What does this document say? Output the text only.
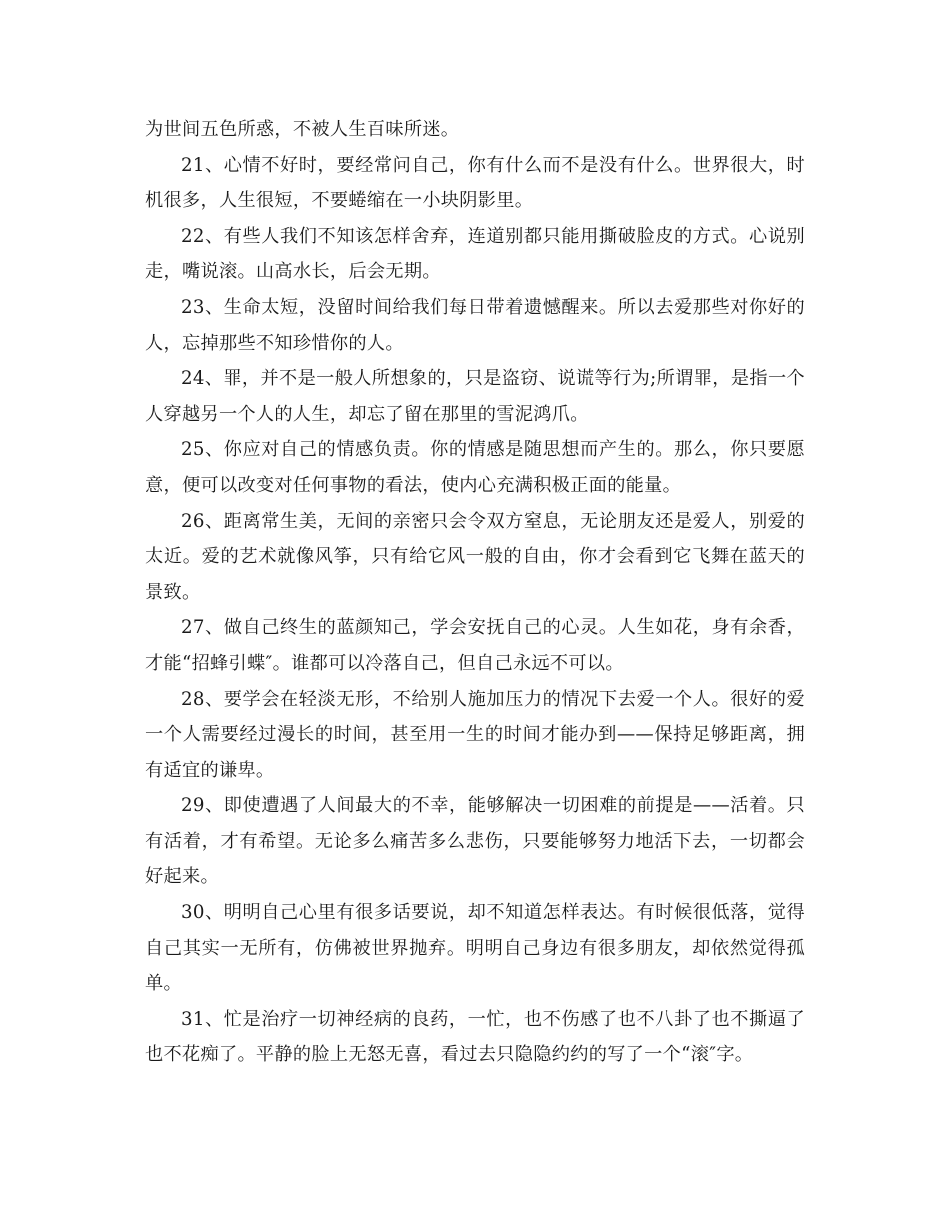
为世间五色所惑，不被人生百味所迷。

21、心情不好时，要经常问自己，你有什么而不是没有什么。世界很大，时机很多，人生很短，不要蜷缩在一小块阴影里。

22、有些人我们不知该怎样舍弃，连道别都只能用撕破脸皮的方式。心说别走，嘴说滚。山高水长，后会无期。

23、生命太短，没留时间给我们每日带着遗憾醒来。所以去爱那些对你好的人，忘掉那些不知珍惜你的人。

24、罪，并不是一般人所想象的，只是盗窃、说谎等行为;所谓罪，是指一个人穿越另一个人的人生，却忘了留在那里的雪泥鸿爪。

25、你应对自己的情感负责。你的情感是随思想而产生的。那么，你只要愿意，便可以改变对任何事物的看法，使内心充满积极正面的能量。

26、距离常生美，无间的亲密只会令双方窒息，无论朋友还是爱人，别爱的太近。爱的艺术就像风筝，只有给它风一般的自由，你才会看到它飞舞在蓝天的景致。

27、做自己终生的蓝颜知己，学会安抚自己的心灵。人生如花，身有余香，才能“招蜂引蝶″。谁都可以冷落自己，但自己永远不可以。

28、要学会在轻淡无形，不给别人施加压力的情况下去爱一个人。很好的爱一个人需要经过漫长的时间，甚至用一生的时间才能办到——保持足够距离，拥有适宜的谦卑。

29、即使遭遇了人间最大的不幸，能够解决一切困难的前提是——活着。只有活着，才有希望。无论多么痛苦多么悲伤，只要能够努力地活下去，一切都会好起来。

30、明明自己心里有很多话要说，却不知道怎样表达。有时候很低落，觉得自己其实一无所有，仿佛被世界抛弃。明明自己身边有很多朋友，却依然觉得孤单。

31、忙是治疗一切神经病的良药，一忙，也不伤感了也不八卦了也不撕逼了也不花痴了。平静的脸上无怒无喜，看过去只隐隐约约的写了一个“滚″字。
